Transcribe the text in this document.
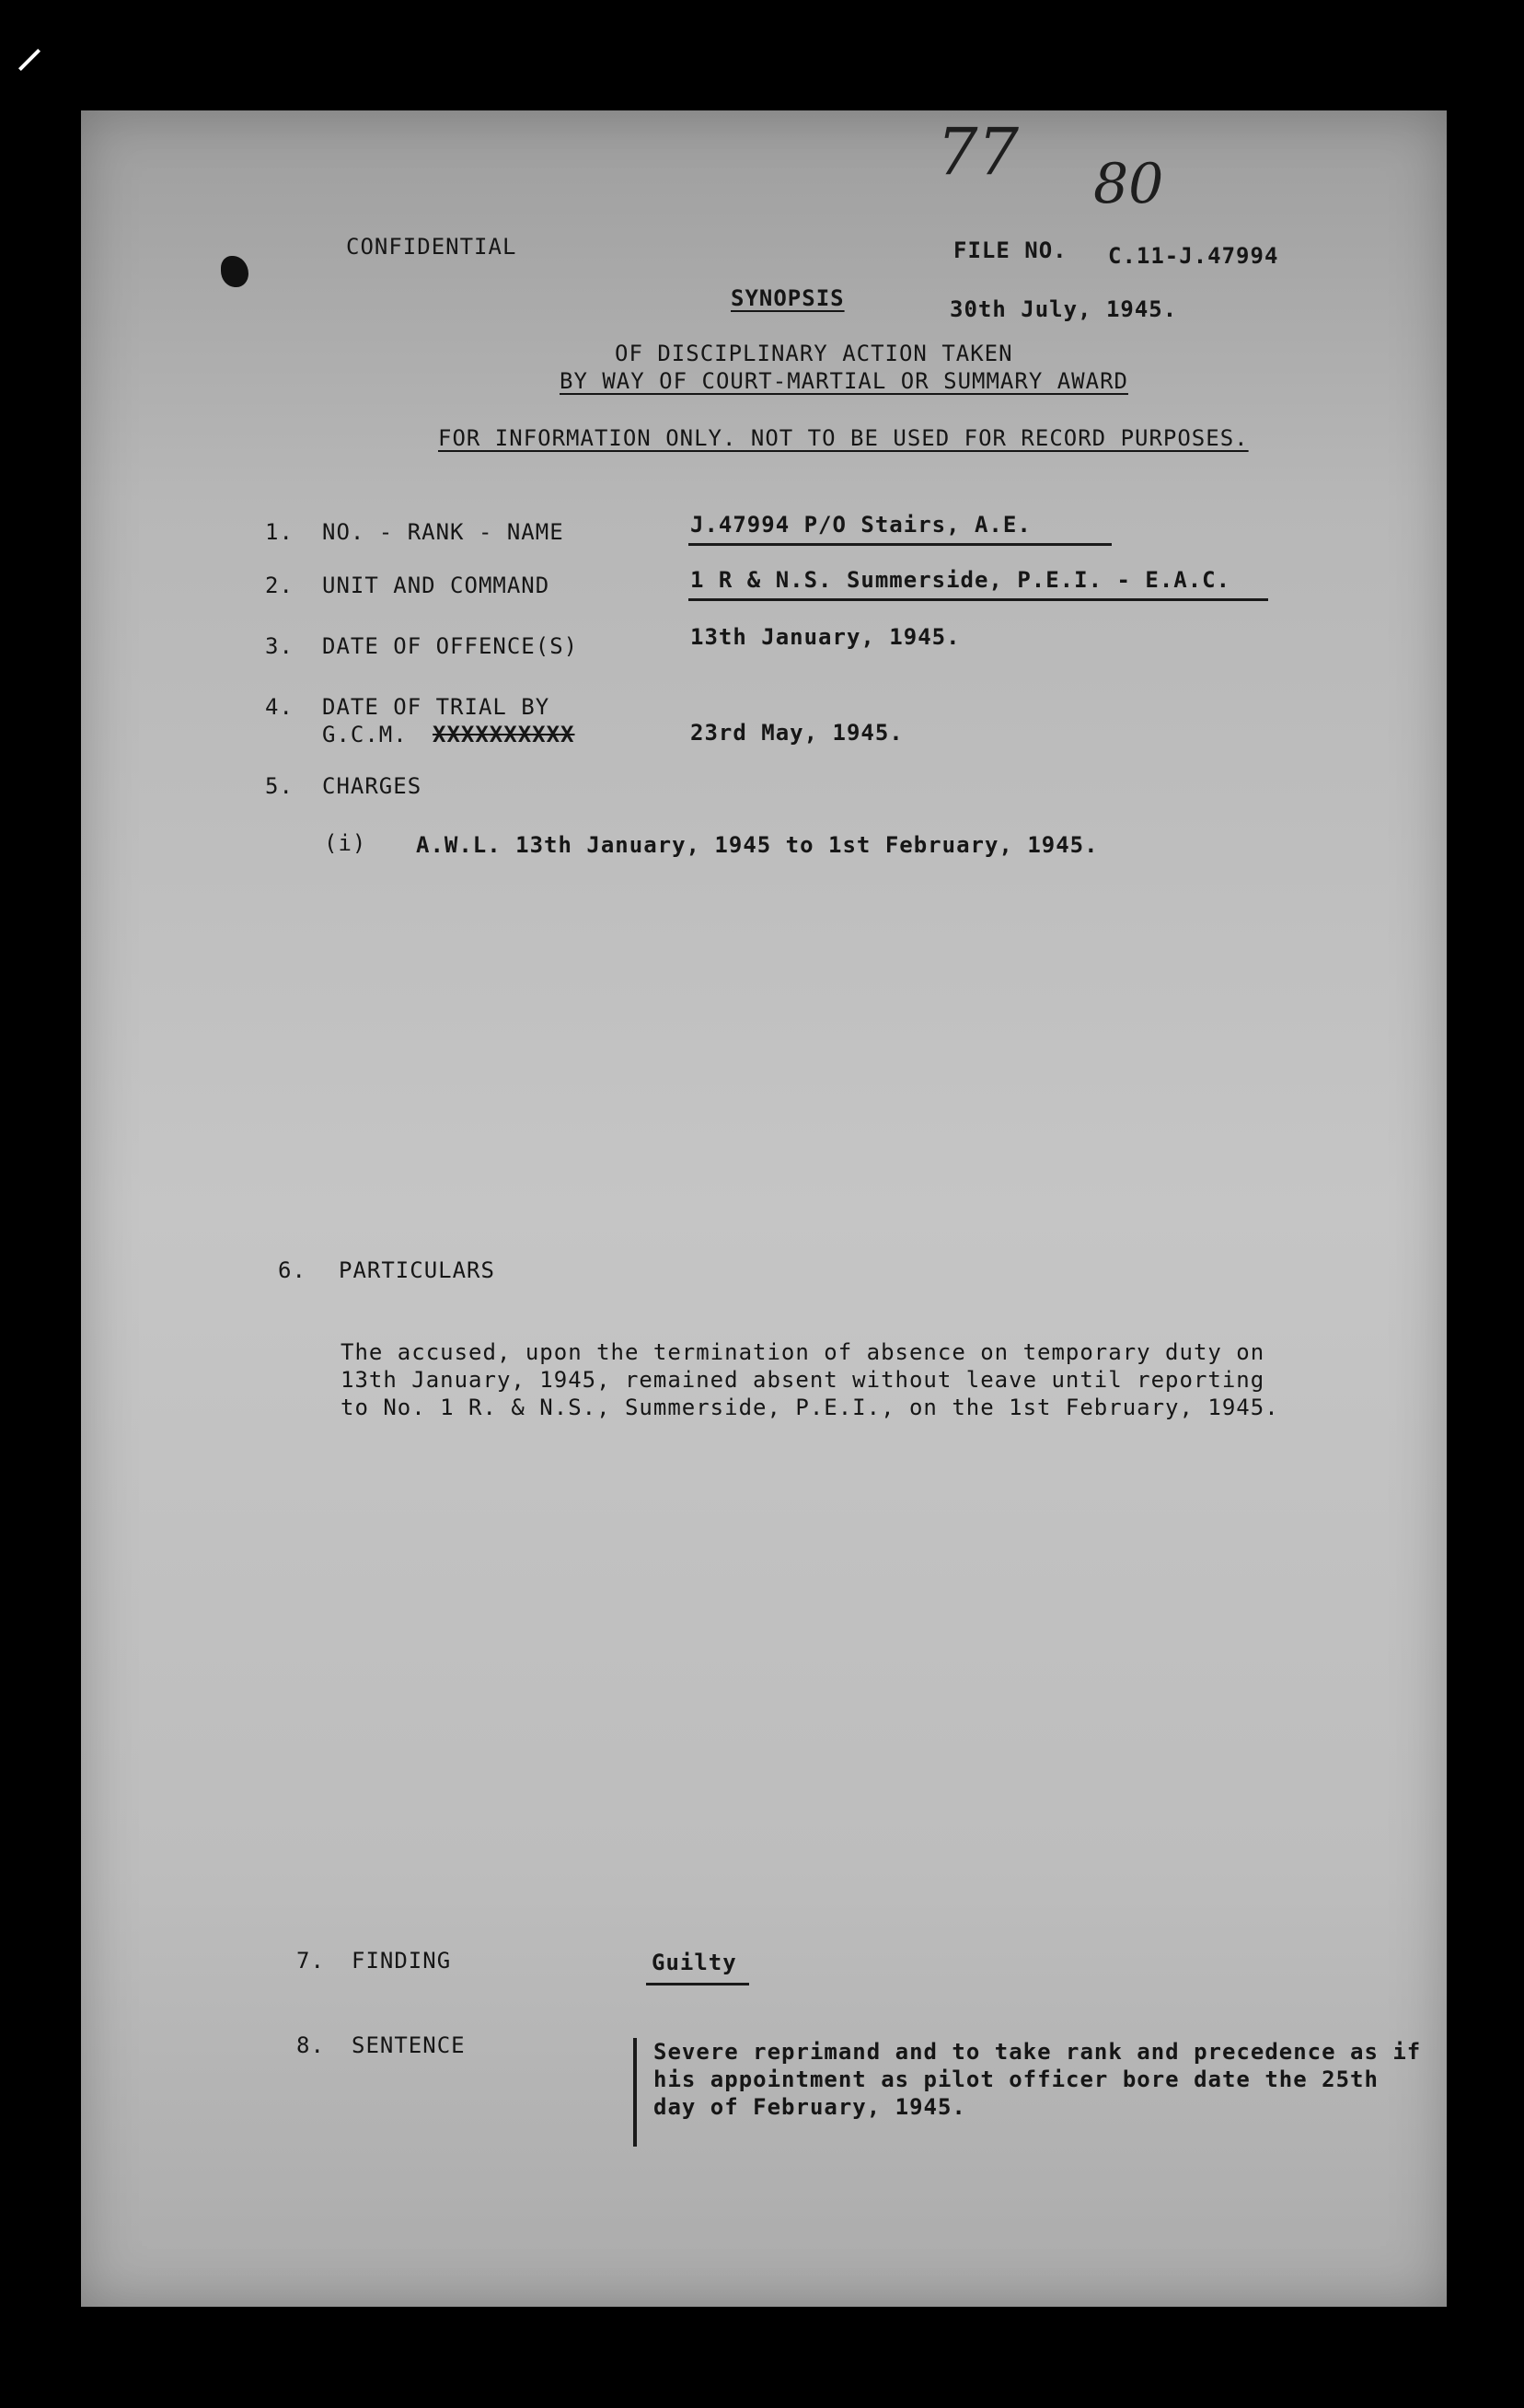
77 80
CONFIDENTIAL	FILE NO. C.11-J.47994
SYNOPSIS	30th July, 1945.
OF DISCIPLINARY ACTION TAKEN
BY WAY OF COURT-MARTIAL OR SUMMARY AWARD
FOR INFORMATION ONLY. NOT TO BE USED FOR RECORD PURPOSES.
1. NO. - RANK - NAME	J.47994 P/O Stairs, A.E.
2. UNIT AND COMMAND	1 R & N.S. Summerside, P.E.I. - E.A.C.
3. DATE OF OFFENCE(S)	13th January, 1945.
4. DATE OF TRIAL BY
G.C.M. XXXXXXXXXX	23rd May, 1945.
5. CHARGES
(i) A.W.L. 13th January, 1945 to 1st February, 1945.
6. PARTICULARS
The accused, upon the termination of absence on temporary duty on
13th January, 1945, remained absent without leave until reporting
to No. 1 R. & N.S., Summerside, P.E.I., on the 1st February, 1945.
7. FINDING	Guilty
8. SENTENCE	Severe reprimand and to take rank and precedence as if
his appointment as pilot officer bore date the 25th
day of February, 1945.
